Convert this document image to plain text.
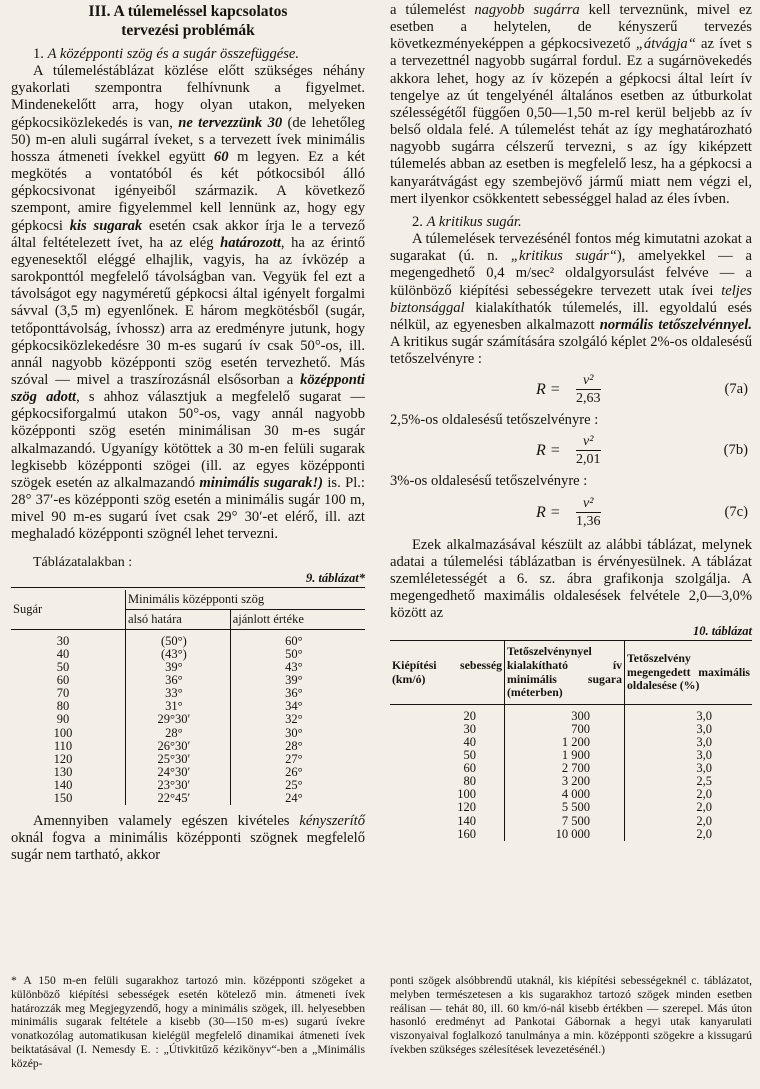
III. A túlemeléssel kapcsolatos

tervezési problémák

1. A középponti szög és a sugár összefüggése.

A túlemeléstáblázat közlése előtt szükséges néhány gyakorlati szempontra felhívnunk a figyelmet. Mindenekelőtt arra, hogy olyan utakon, melyeken gépkocsiközlekedés is van, ne tervezzünk 30 (de lehetőleg 50) m-en aluli sugárral íveket, s a tervezett ívek minimális hossza átmeneti ívekkel együtt 60 m legyen. Ez a két megkötés a vontatóból és két pótkocsiból álló gépkocsivonat igényeiből származik. A következő szempont, amire figyelemmel kell lennünk az, hogy egy gépkocsi kis sugarak esetén csak akkor írja le a tervező által feltételezett ívet, ha az elég határozott, ha az érintő egyenesektől eléggé elhajlik, vagyis, ha az ívközép a sarokponttól megfelelő távolságban van. Vegyük fel ezt a távolságot egy nagyméretű gépkocsi által igényelt forgalmi sávval (3,5 m) egyenlőnek. E három megkötésből (sugár, tetőponttávolság, ívhossz) arra az eredményre jutunk, hogy gépkocsiközlekedésre 30 m-es sugarú ív csak 50°-os, ill. annál nagyobb középponti szög esetén tervezhető. Más szóval — mivel a traszírozásnál elsősorban a középponti szög adott, s ahhoz választjuk a megfelelő sugarat — gépkocsiforgalmú utakon 50°-os, vagy annál nagyobb középponti szög esetén minimálisan 30 m-es sugár alkalmazandó. Ugyanígy kötöttek a 30 m-en felüli sugarak legkisebb középponti szögei (ill. az egyes középponti szögek esetén az alkalmazandó minimális sugarak!) is. Pl.: 28° 37′-es középponti szög esetén a minimális sugár 100 m, mivel 90 m-es sugarú ívet csak 29° 30′-et elérő, ill. azt meghaladó középponti szögnél lehet tervezni.

Táblázatalakban :

9. táblázat*
Sugár	Minimális középponti szög	
	alsó határa	ajánlott értéke
30	(50°)	60°
40	(43°)	50°
50	39°	43°
60	36°	39°
70	33°	36°
80	31°	34°
90	29°30′	32°
100	28°	30°
110	26°30′	28°
120	25°30′	27°
130	24°30′	26°
140	23°30′	25°
150	22°45′	24°

Amennyiben valamely egészen kivételes kényszerítő oknál fogva a minimális középponti szögnek megfelelő sugár nem tartható, akkor

a túlemelést nagyobb sugárra kell terveznünk, mivel ez esetben a helytelen, de kényszerű tervezés következményeképpen a gépkocsivezető „átvágja“ az ívet s a tervezettnél nagyobb sugárral fordul. Ez a sugárnövekedés akkora lehet, hogy az ív közepén a gépkocsi által leírt ív tengelye az út tengelyénél általános esetben az útburkolat szélességétől függően 0,50—1,50 m-rel kerül beljebb az ív belső oldala felé. A túlemelést tehát az így meghatározható nagyobb sugárra célszerű tervezni, s az így kiképzett túlemelés abban az esetben is megfelelő lesz, ha a gépkocsi a kanyarátvágást egy szembejövő jármű miatt nem végzi el, mert ilyenkor csökkentett sebességgel halad az éles ívben.

2. A kritikus sugár.

A túlemelések tervezésénél fontos még kimutatni azokat a sugarakat (ú. n. „kritikus sugár“), amelyekkel — a megengedhető 0,4 m/sec² oldalgyorsulást felvéve — a különböző kiépítési sebességekre tervezett utak ívei teljes biztonsággal kialakíthatók túlemelés, ill. egyoldalú esés nélkül, az egyenesben alkalmazott normális tetőszelvénnyel. A kritikus sugár számítására szolgáló képlet 2%-os oldalesésű tetőszelvényre :

$R = \frac{\text{v²}}{2,63}$	(7a)

2,5%-os oldalesésű tetőszelvényre :

$R = \frac{\text{v²}}{2,01}$	(7b)

3%-os oldalesésű tetőszelvényre :

$R = \frac{\text{v²}}{1,36}$	(7c)

Ezek alkalmazásával készült az alábbi táblázat, melynek adatai a túlemelési táblázatban is érvényesülnek. A táblázat szemléletességét a 6. sz. ábra grafikonja szolgálja. A megengedhető maximális oldalesések felvétele 2,0—3,0% között az

10. táblázat
Kiépítési sebesség (km/ó)	Tetőszelvénynyel kialakítható ív minimális sugara (méterben)	Tetőszelvény megengedett maximális oldalesése (%)
20	300	3,0
30	700	3,0
40	1 200	3,0
50	1 900	3,0
60	2 700	3,0
80	3 200	2,5
100	4 000	2,0
120	5 500	2,0
140	7 500	2,0
160	10 000	2,0
* A 150 m-en felüli sugarakhoz tartozó min. középponti szögeket a különböző kiépítési sebességek esetén kötelező min. átmeneti ívek határozzák meg Megjegyzendő, hogy a minimális szögek, ill. helyesebben minimális sugarak feltétele a kisebb (30—150 m-es) sugarú ívekre vonatkozólag automatikusan kielégül megfelelő dinamikai átmeneti ívek beiktatásával (I. Nemesdy E. : „Útivkitűző kézikönyv“-ben a „Minimális közép-
ponti szögek alsóbbrendű utaknál, kis kiépítési sebességeknél c. táblázatot, melyben természetesen a kis sugarakhoz tartozó szögek minden esetben reálisan — tehát 80, ill. 60 km/ó-nál kisebb értékben — szerepel. Más úton hasonló eredményt ad Pankotai Gábornak a hegyi utak kanyarulati viszonyaival foglalkozó tanulmánya a min. középponti szögekre a kissugarú ívekben szükséges szélesítések levezetésénél.)
